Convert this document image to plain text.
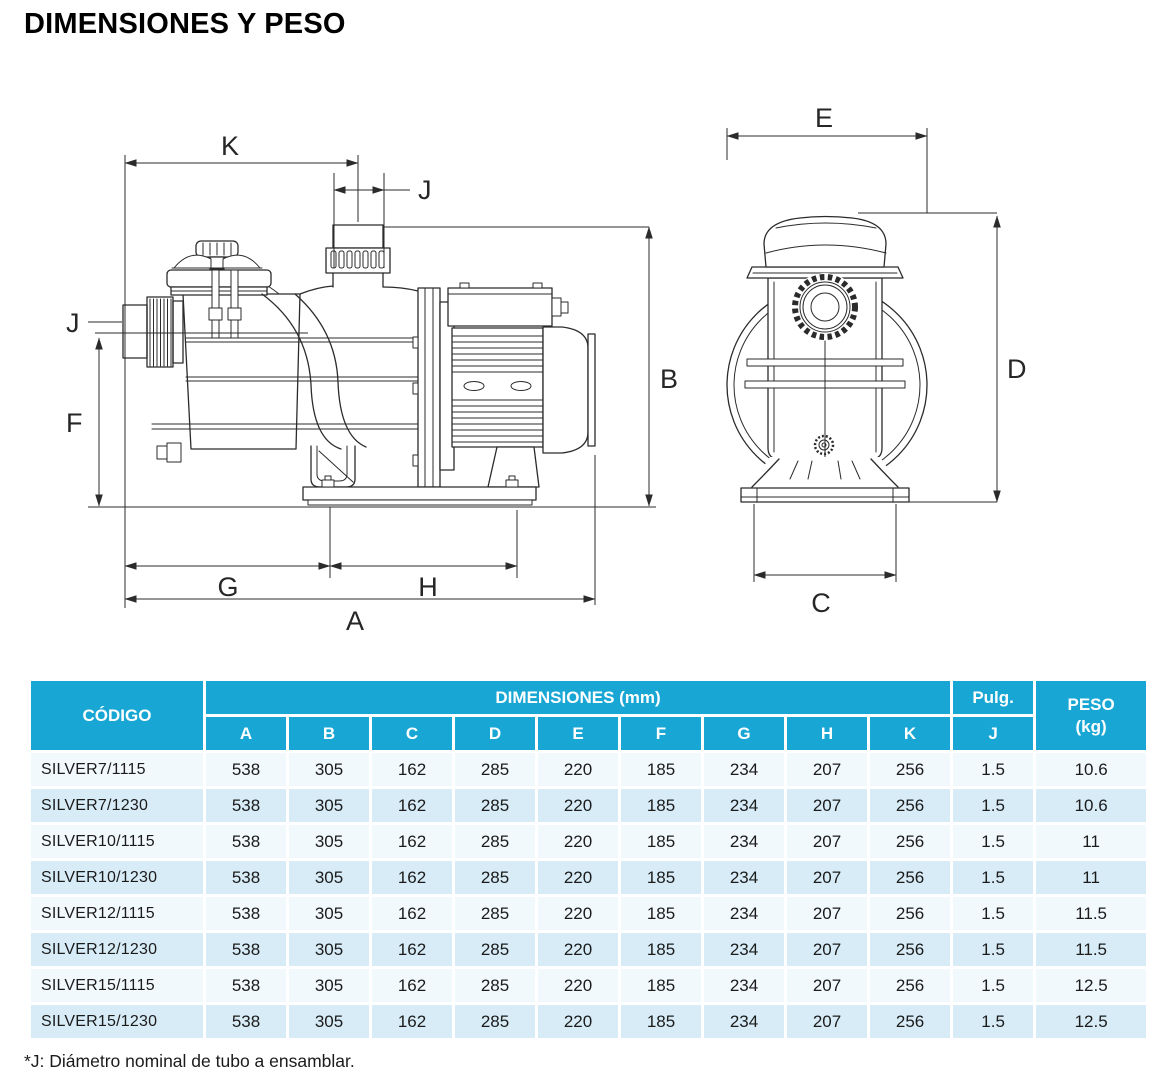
DIMENSIONES Y PESO
K
J
B
J
F
G	H
A
E
D
C
CÓDIGO	DIMENSIONES (mm)									Pulg.	PESO
(kg)
	A	B	C	D	E	F	G	H	K	J	
SILVER7/1115	538	305	162	285	220	185	234	207	256	1.5	10.6
SILVER7/1230	538	305	162	285	220	185	234	207	256	1.5	10.6
SILVER10/1115	538	305	162	285	220	185	234	207	256	1.5	11
SILVER10/1230	538	305	162	285	220	185	234	207	256	1.5	11
SILVER12/1115	538	305	162	285	220	185	234	207	256	1.5	11.5
SILVER12/1230	538	305	162	285	220	185	234	207	256	1.5	11.5
SILVER15/1115	538	305	162	285	220	185	234	207	256	1.5	12.5
SILVER15/1230	538	305	162	285	220	185	234	207	256	1.5	12.5
*J: Diámetro nominal de tubo a ensamblar.
